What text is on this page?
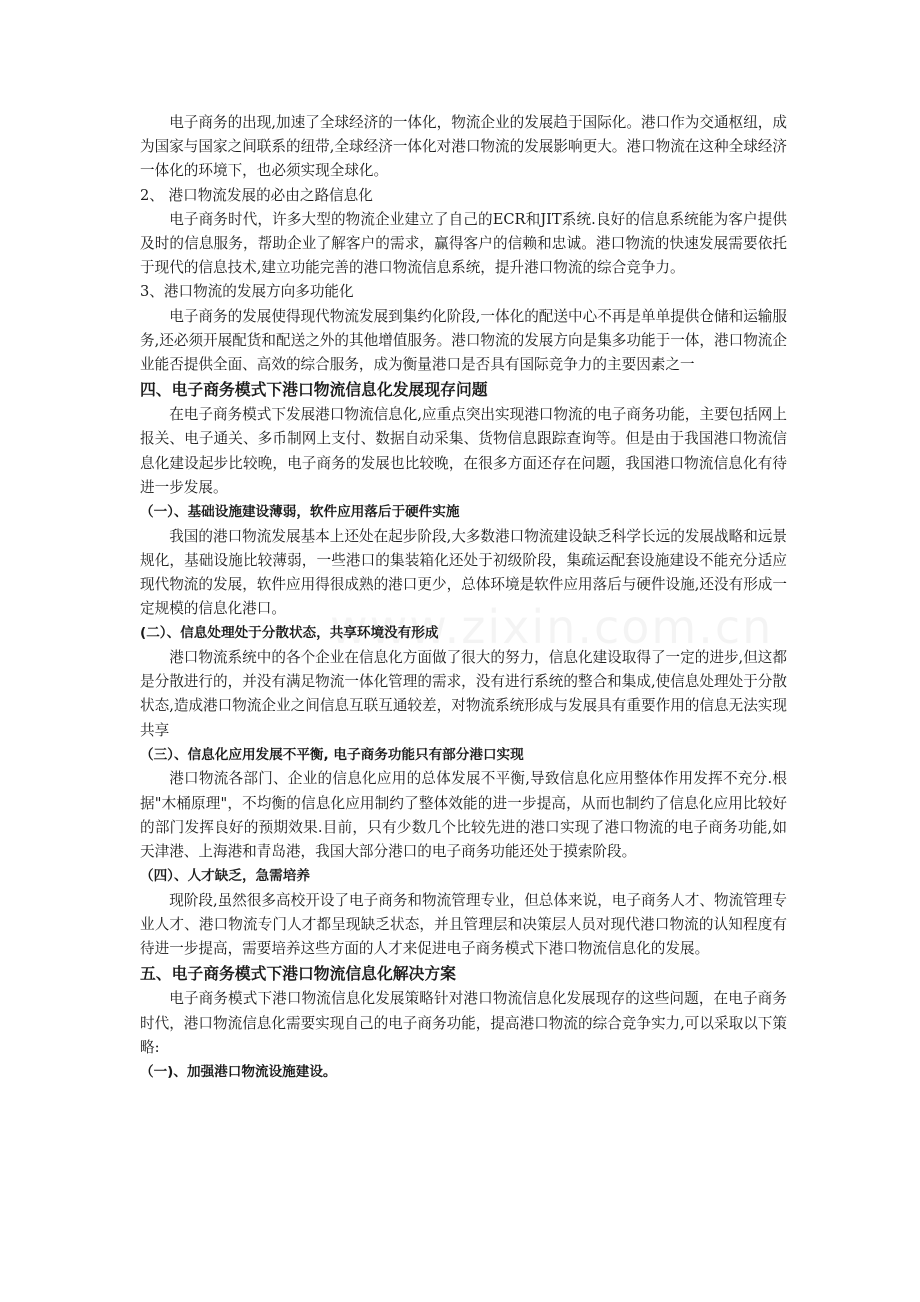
电子商务的出现,加速了全球经济的一体化，物流企业的发展趋于国际化。港口作为交通枢纽，成为国家与国家之间联系的纽带,全球经济一体化对港口物流的发展影响更大。港口物流在这种全球经济一体化的环境下，也必须实现全球化。

2、 港口物流发展的必由之路信息化

电子商务时代，许多大型的物流企业建立了自己的ECR和JIT系统.良好的信息系统能为客户提供及时的信息服务，帮助企业了解客户的需求，赢得客户的信赖和忠诚。港口物流的快速发展需要依托于现代的信息技术,建立功能完善的港口物流信息系统，提升港口物流的综合竞争力。

3、港口物流的发展方向多功能化

电子商务的发展使得现代物流发展到集约化阶段,一体化的配送中心不再是单单提供仓储和运输服务,还必须开展配货和配送之外的其他增值服务。港口物流的发展方向是集多功能于一体，港口物流企业能否提供全面、高效的综合服务，成为衡量港口是否具有国际竞争力的主要因素之一

四、电子商务模式下港口物流信息化发展现存问题

在电子商务模式下发展港口物流信息化,应重点突出实现港口物流的电子商务功能，主要包括网上报关、电子通关、多币制网上支付、数据自动采集、货物信息跟踪查询等。但是由于我国港口物流信息化建设起步比较晚，电子商务的发展也比较晚，在很多方面还存在问题，我国港口物流信息化有待进一步发展。

（一）、基础设施建设薄弱，软件应用落后于硬件实施

我国的港口物流发展基本上还处在起步阶段,大多数港口物流建设缺乏科学长远的发展战略和远景规化，基础设施比较薄弱，一些港口的集装箱化还处于初级阶段，集疏运配套设施建设不能充分适应现代物流的发展，软件应用得很成熟的港口更少，总体环境是软件应用落后与硬件设施,还没有形成一定规模的信息化港口。

(二）、信息处理处于分散状态，共享环境没有形成

港口物流系统中的各个企业在信息化方面做了很大的努力，信息化建设取得了一定的进步,但这都是分散进行的，并没有满足物流一体化管理的需求，没有进行系统的整合和集成,使信息处理处于分散状态,造成港口物流企业之间信息互联互通较差，对物流系统形成与发展具有重要作用的信息无法实现共享

（三）、信息化应用发展不平衡, 电子商务功能只有部分港口实现

港口物流各部门、企业的信息化应用的总体发展不平衡,导致信息化应用整体作用发挥不充分.根据"木桶原理"，不均衡的信息化应用制约了整体效能的进一步提高，从而也制约了信息化应用比较好的部门发挥良好的预期效果.目前，只有少数几个比较先进的港口实现了港口物流的电子商务功能,如天津港、上海港和青岛港，我国大部分港口的电子商务功能还处于摸索阶段。

（四）、人才缺乏，急需培养

现阶段,虽然很多高校开设了电子商务和物流管理专业，但总体来说，电子商务人才、物流管理专业人才、港口物流专门人才都呈现缺乏状态，并且管理层和决策层人员对现代港口物流的认知程度有待进一步提高，需要培养这些方面的人才来促进电子商务模式下港口物流信息化的发展。

五、电子商务模式下港口物流信息化解决方案

电子商务模式下港口物流信息化发展策略针对港口物流信息化发展现存的这些问题，在电子商务时代，港口物流信息化需要实现自己的电子商务功能，提高港口物流的综合竞争实力,可以采取以下策略:

（一)、加强港口物流设施建设。
